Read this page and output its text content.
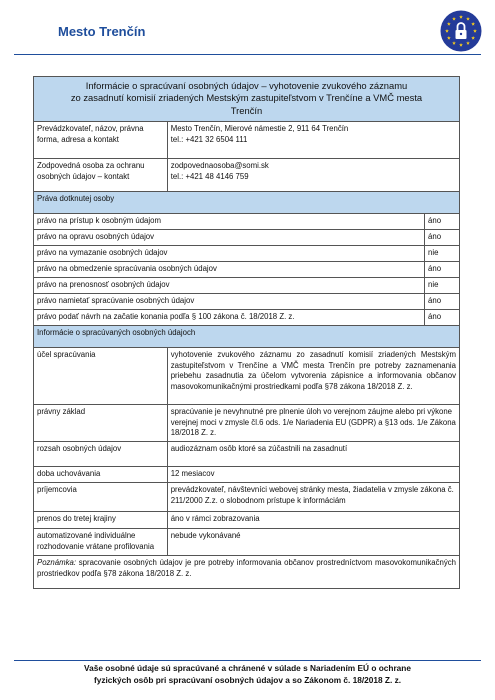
Mesto Trenčín
Informácie o spracúvaní osobných údajov – vyhotovenie zvukového záznamu
zo zasadnutí komisií zriadených Mestským zastupiteľstvom v Trenčíne a VMČ mesta
Trenčín		

Prevádzkovateľ, názov, právna forma, adresa a kontakt	Mesto Trenčín, Mierové námestie 2, 911 64 Trenčín
tel.: +421 32 6504 111	

Zodpovedná osoba za ochranu osobných údajov – kontakt	zodpovednaosoba@somi.sk
tel.: +421 48 4146 759	

Práva dotknutej osoby		
právo na prístup k osobným údajom		áno
právo na opravu osobných údajov		áno
právo na vymazanie osobných údajov		nie
právo na obmedzenie spracúvania osobných údajov		áno
právo na prenosnosť osobných údajov		nie
právo namietať spracúvanie osobných údajov		áno
právo podať návrh na začatie konania podľa § 100 zákona č. 18/2018 Z. z.		áno
Informácie o spracúvaných osobných údajoch		
účel spracúvania	vyhotovenie zvukového záznamu zo zasadnutí komisií zriadených Mestským zastupiteľstvom v Trenčíne a VMČ mesta Trenčín pre potreby zaznamenania priebehu zasadnutia za účelom vytvorenia zápisnice a informovania občanov masovokomunikačnými prostriedkami podľa §78 zákona 18/2018 Z. z.	
právny základ	spracúvanie je nevyhnutné pre plnenie úloh vo verejnom záujme alebo pri výkone verejnej moci v zmysle čl.6 ods. 1/e Nariadenia EU (GDPR) a §13 ods. 1/e Zákona 18/2018 Z. z.	
rozsah osobných údajov	audiozáznam osôb ktoré sa zúčastnili na zasadnutí	
doba uchovávania	12 mesiacov	
príjemcovia	prevádzkovateľ, návštevníci webovej stránky mesta, žiadatelia v zmysle zákona č. 211/2000 Z.z. o slobodnom prístupe k informáciám	
prenos do tretej krajiny	áno v rámci zobrazovania	
automatizované individuálne rozhodovanie vrátane profilovania	nebude vykonávané	
Poznámka: spracovanie osobných údajov je pre potreby informovania občanov prostredníctvom masovokomunikačných prostriedkov podľa §78 zákona 18/2018 Z. z.		
Vaše osobné údaje sú spracúvané a chránené v súlade s Nariadením EÚ o ochrane
fyzických osôb pri spracúvaní osobných údajov a so Zákonom č. 18/2018 Z. z.
